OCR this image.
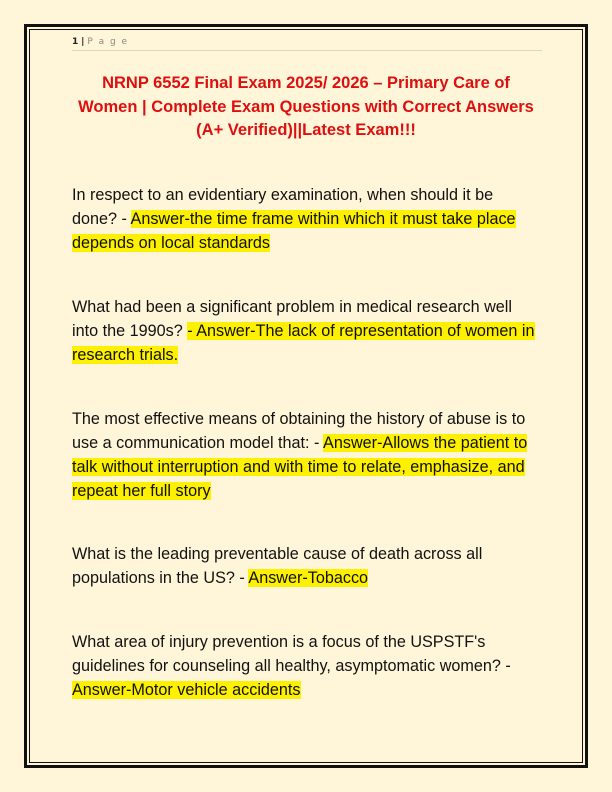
1 | P a g e
NRNP 6552 Final Exam 2025/ 2026 – Primary Care of Women | Complete Exam Questions with Correct Answers (A+ Verified)||Latest Exam!!!
In respect to an evidentiary examination, when should it be done? - Answer-the time frame within which it must take place depends on local standards
What had been a significant problem in medical research well into the 1990s? - Answer-The lack of representation of women in research trials.
The most effective means of obtaining the history of abuse is to use a communication model that: - Answer-Allows the patient to talk without interruption and with time to relate, emphasize, and repeat her full story
What is the leading preventable cause of death across all populations in the US? - Answer-Tobacco
What area of injury prevention is a focus of the USPSTF's guidelines for counseling all healthy, asymptomatic women? - Answer-Motor vehicle accidents
